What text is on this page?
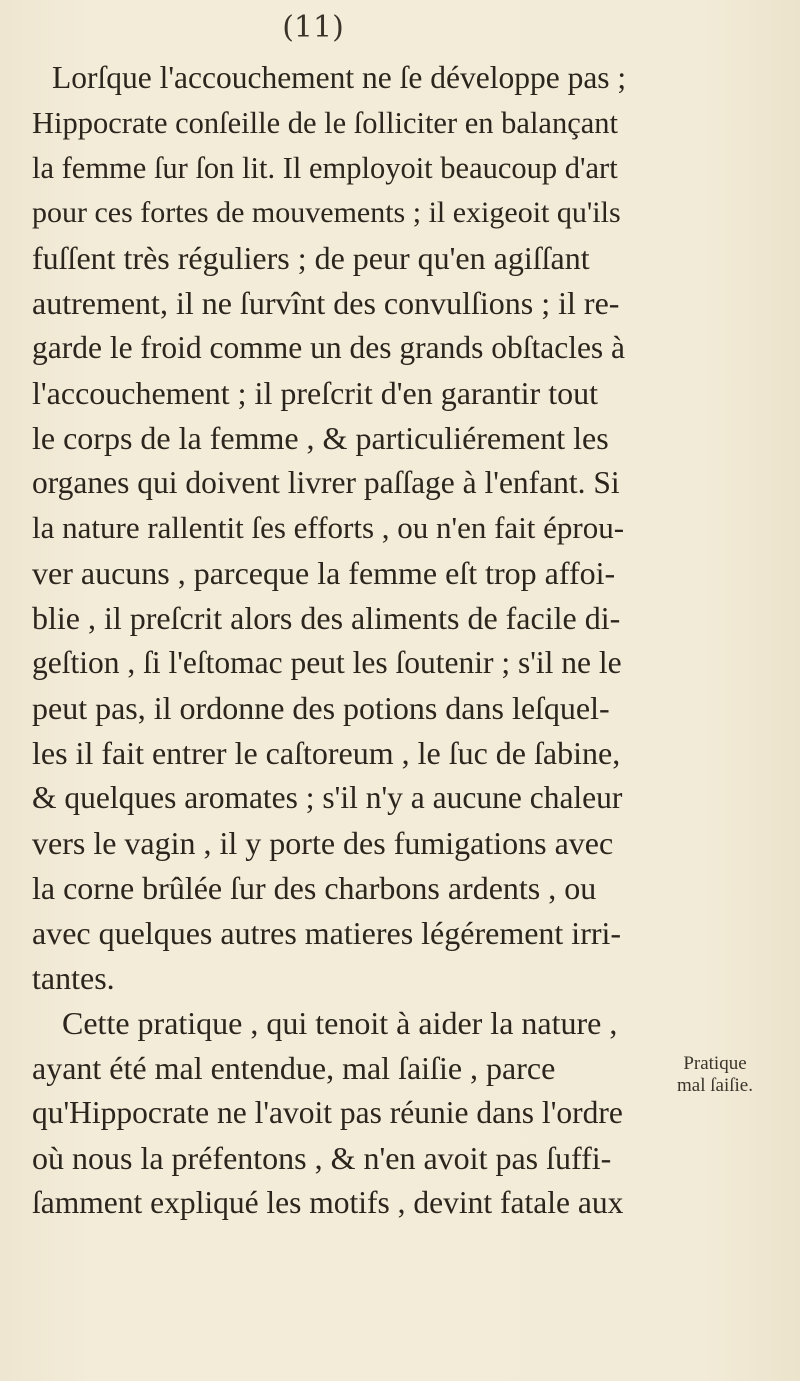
(11)
Lorſque l'accouchement ne ſe développe pas ;
Hippocrate conſeille de le ſolliciter en balançant
la femme ſur ſon lit. Il employoit beaucoup d'art
pour ces fortes de mouvements ; il exigeoit qu'ils
fuſſent très réguliers ; de peur qu'en agiſſant
autrement, il ne ſurvînt des convulſions ; il re-
garde le froid comme un des grands obſtacles à
l'accouchement ; il preſcrit d'en garantir tout
le corps de la femme , & particuliérement les
organes qui doivent livrer paſſage à l'enfant. Si
la nature rallentit ſes efforts , ou n'en fait éprou-
ver aucuns , parceque la femme eſt trop affoi-
blie , il preſcrit alors des aliments de facile di-
geſtion , ſi l'eſtomac peut les ſoutenir ; s'il ne le
peut pas, il ordonne des potions dans leſquel-
les il fait entrer le caſtoreum , le ſuc de ſabine,
& quelques aromates ; s'il n'y a aucune chaleur
vers le vagin , il y porte des fumigations avec
la corne brûlée ſur des charbons ardents , ou
avec quelques autres matieres légérement irri-
tantes.
Cette pratique , qui tenoit à aider la nature ,
ayant été mal entendue, mal ſaiſie , parce
qu'Hippocrate ne l'avoit pas réunie dans l'ordre
où nous la préfentons , & n'en avoit pas ſuffi-
ſamment expliqué les motifs , devint fatale aux
Pratique
mal ſaiſie.
